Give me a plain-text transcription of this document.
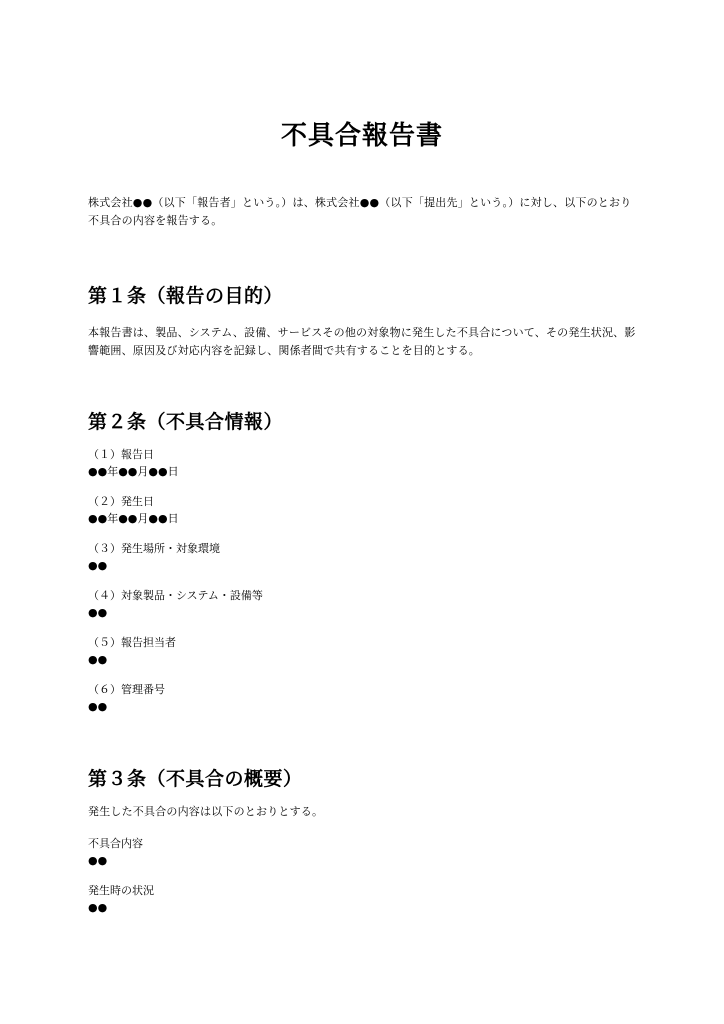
不具合報告書

株式会社●●（以下「報告者」という。）は、株式会社●●（以下「提出先」という。）に対し、以下のとおり不具合の内容を報告する。

第１条（報告の目的）

本報告書は、製品、システム、設備、サービスその他の対象物に発生した不具合について、その発生状況、影響範囲、原因及び対応内容を記録し、関係者間で共有することを目的とする。

第２条（不具合情報）

（１）報告日
●●年●●月●●日

（２）発生日
●●年●●月●●日

（３）発生場所・対象環境
●●

（４）対象製品・システム・設備等
●●

（５）報告担当者
●●

（６）管理番号
●●

第３条（不具合の概要）

発生した不具合の内容は以下のとおりとする。

不具合内容
●●

発生時の状況
●●
